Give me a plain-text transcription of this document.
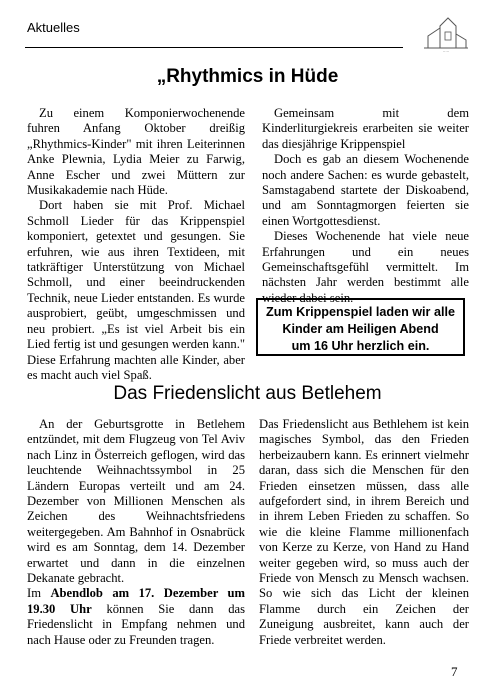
Aktuelles
·····
„Rhythmics in Hüde

Zu einem Komponierwochenende fuhren Anfang Oktober dreißig „Rhythmics-Kinder" mit ihren Leiterinnen Anke Plewnia, Lydia Meier zu Farwig, Anne Escher und zwei Müttern zur Musikakademie nach Hüde.

Dort haben sie mit Prof. Michael Schmoll Lieder für das Krippenspiel komponiert, getextet und gesungen. Sie erfuhren, wie aus ihren Textideen, mit tatkräftiger Unterstützung von Michael Schmoll, und einer beeindruckenden Technik, neue Lieder entstanden. Es wurde ausprobiert, geübt, umgeschmissen und neu probiert. „Es ist viel Arbeit bis ein Lied fertig ist und gesungen werden kann." Diese Erfahrung machten alle Kinder, aber es macht auch viel Spaß.

Gemeinsam mit dem Kinderliturgiekreis erarbeiten sie weiter das diesjährige Krippenspiel

Doch es gab an diesem Wochenende noch andere Sachen: es wurde gebastelt, Samstagabend startete der Diskoabend, und am Sonntagmorgen feierten sie einen Wortgottesdienst.

Dieses Wochenende hat viele neue Erfahrungen und ein neues Gemeinschaftsgefühl vermittelt. Im nächsten Jahr werden bestimmt alle wieder dabei sein.

Zum Krippenspiel laden wir alle
Kinder am Heiligen Abend
um 16 Uhr herzlich ein.
Das Friedenslicht aus Betlehem

An der Geburtsgrotte in Betlehem entzündet, mit dem Flugzeug von Tel Aviv nach Linz in Österreich geflogen, wird das leuchtende Weihnachtssymbol in 25 Ländern Europas verteilt und am 24. Dezember von Millionen Menschen als Zeichen des Weihnachtsfriedens weitergegeben. Am Bahnhof in Osnabrück wird es am Sonntag, dem 14. Dezember erwartet und dann in die einzelnen Dekanate gebracht.

Im Abendlob am 17. Dezember um 19.30 Uhr können Sie dann das Friedenslicht in Empfang nehmen und nach Hause oder zu Freunden tragen.

Das Friedenslicht aus Bethlehem ist kein magisches Symbol, das den Frieden herbeizaubern kann. Es erinnert vielmehr daran, dass sich die Menschen für den Frieden einsetzen müssen, dass alle aufgefordert sind, in ihrem Bereich und in ihrem Leben Frieden zu schaffen. So wie die kleine Flamme millionenfach von Kerze zu Kerze, von Hand zu Hand weiter gegeben wird, so muss auch der Friede von Mensch zu Mensch wachsen. So wie sich das Licht der kleinen Flamme durch ein Zeichen der Zuneigung ausbreitet, kann auch der Friede verbreitet werden.

7
